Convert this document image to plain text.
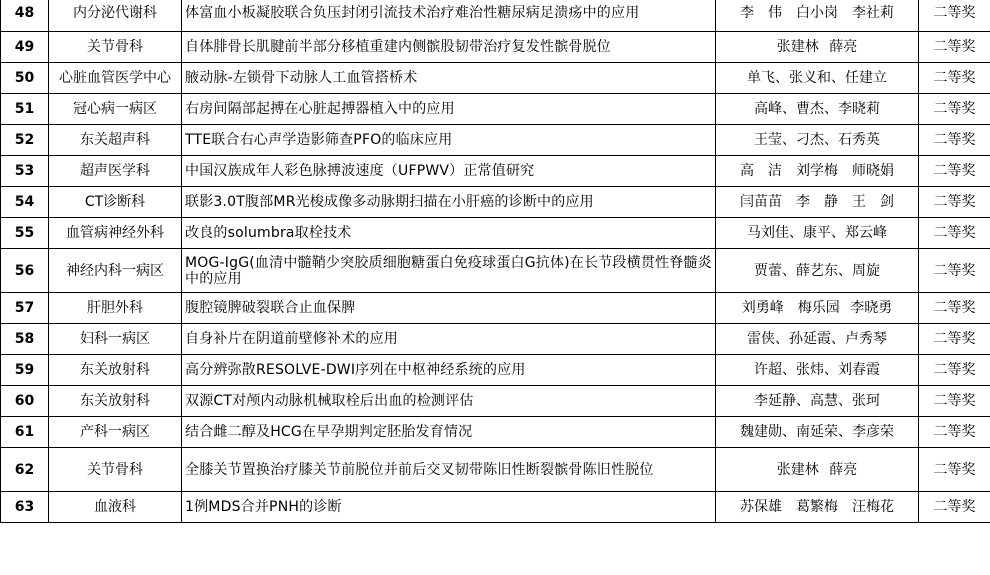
48	内分泌代谢科	体富血小板凝胶联合负压封闭引流技术治疗难治性糖尿病足溃疡中的应用	李　伟　白小岗　李社莉	二等奖
49	关节骨科	自体腓骨长肌腱前半部分移植重建内侧髌股韧带治疗复发性髌骨脱位	张建林 薛亮	二等奖
50	心脏血管医学中心	腋动脉-左锁骨下动脉人工血管搭桥术	单飞、张义和、任建立	二等奖
51	冠心病一病区	右房间隔部起搏在心脏起搏器植入中的应用	高峰、曹杰、李晓莉	二等奖
52	东关超声科	TTE联合右心声学造影筛查PFO的临床应用	王莹、刁杰、石秀英	二等奖
53	超声医学科	中国汉族成年人彩色脉搏波速度（UFPWV）正常值研究	高　洁　刘学梅　师晓娟	二等奖
54	CT诊断科	联影3.0T腹部MR光梭成像多动脉期扫描在小肝癌的诊断中的应用	闫苗苗　李　静　王　剑	二等奖
55	血管病神经外科	改良的solumbra取栓技术	马刘佳、康平、郑云峰	二等奖
56	神经内科一病区	MOG-IgG(血清中髓鞘少突胶质细胞糖蛋白免疫球蛋白G抗体)在长节段横贯性脊髓炎中的应用	贾蕾、薛艺东、周旋	二等奖
57	肝胆外科	腹腔镜脾破裂联合止血保脾	刘勇峰　梅乐园 李晓勇	二等奖
58	妇科一病区	自身补片在阴道前壁修补术的应用	雷侠、孙延霞、卢秀琴	二等奖
59	东关放射科	高分辨弥散RESOLVE-DWI序列在中枢神经系统的应用	许超、张炜、刘春霞	二等奖
60	东关放射科	双源CT对颅内动脉机械取栓后出血的检测评估	李延静、高慧、张珂	二等奖
61	产科一病区	结合雌二醇及HCG在早孕期判定胚胎发育情况	魏建勋、南延荣、李彦荣	二等奖
62	关节骨科	全膝关节置换治疗膝关节前脱位并前后交叉韧带陈旧性断裂髌骨陈旧性脱位	张建林 薛亮	二等奖
63	血液科	1例MDS合并PNH的诊断	苏保雄　葛繁梅　汪梅花	二等奖
